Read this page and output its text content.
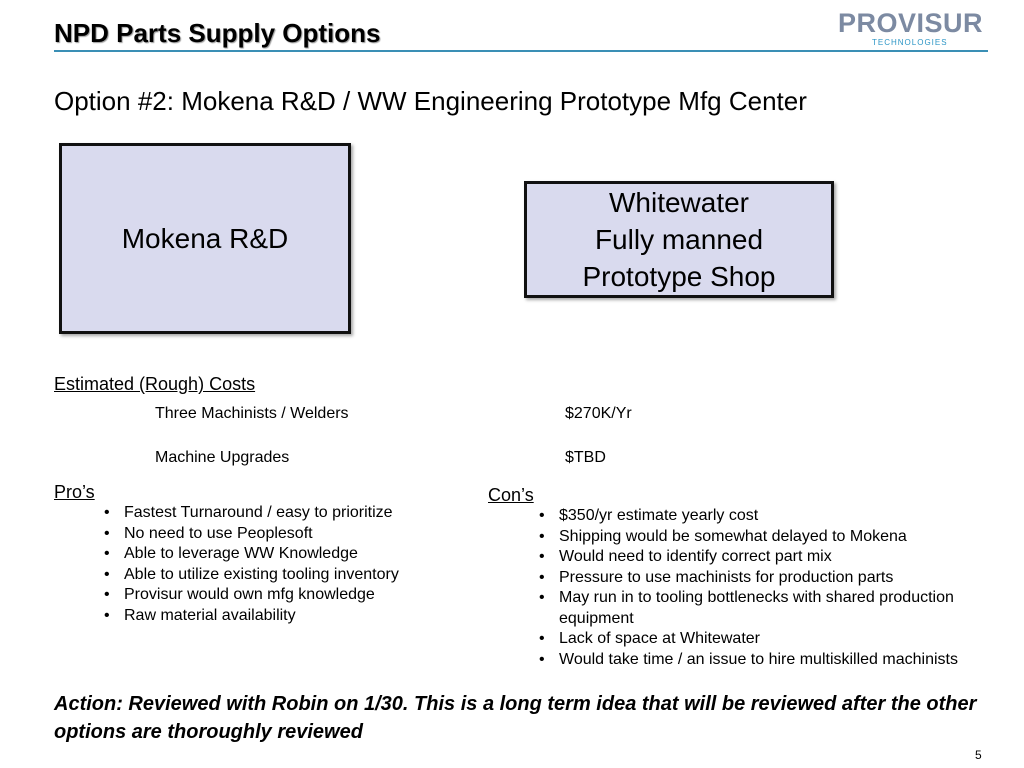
NPD Parts Supply Options	PROVISUR
TECHNOLOGIES
Option #2: Mokena R&D / WW Engineering Prototype Mfg Center
Mokena R&D
Whitewater
Fully manned
Prototype Shop
Estimated (Rough) Costs
Three Machinists / Welders	$270K/Yr
Machine Upgrades	$TBD
Pro’s
• Fastest Turnaround / easy to prioritize
• No need to use Peoplesoft
• Able to leverage WW Knowledge
• Able to utilize existing tooling inventory
• Provisur would own mfg knowledge
• Raw material availability
Con’s
• $350/yr estimate yearly cost
• Shipping would be somewhat delayed to Mokena
• Would need to identify correct part mix
• Pressure to use machinists for production parts
• May run in to tooling bottlenecks with shared production equipment
• Lack of space at Whitewater
• Would take time / an issue to hire multiskilled machinists
Action: Reviewed with Robin on 1/30. This is a long term idea that will be reviewed after the other options are thoroughly reviewed
5
